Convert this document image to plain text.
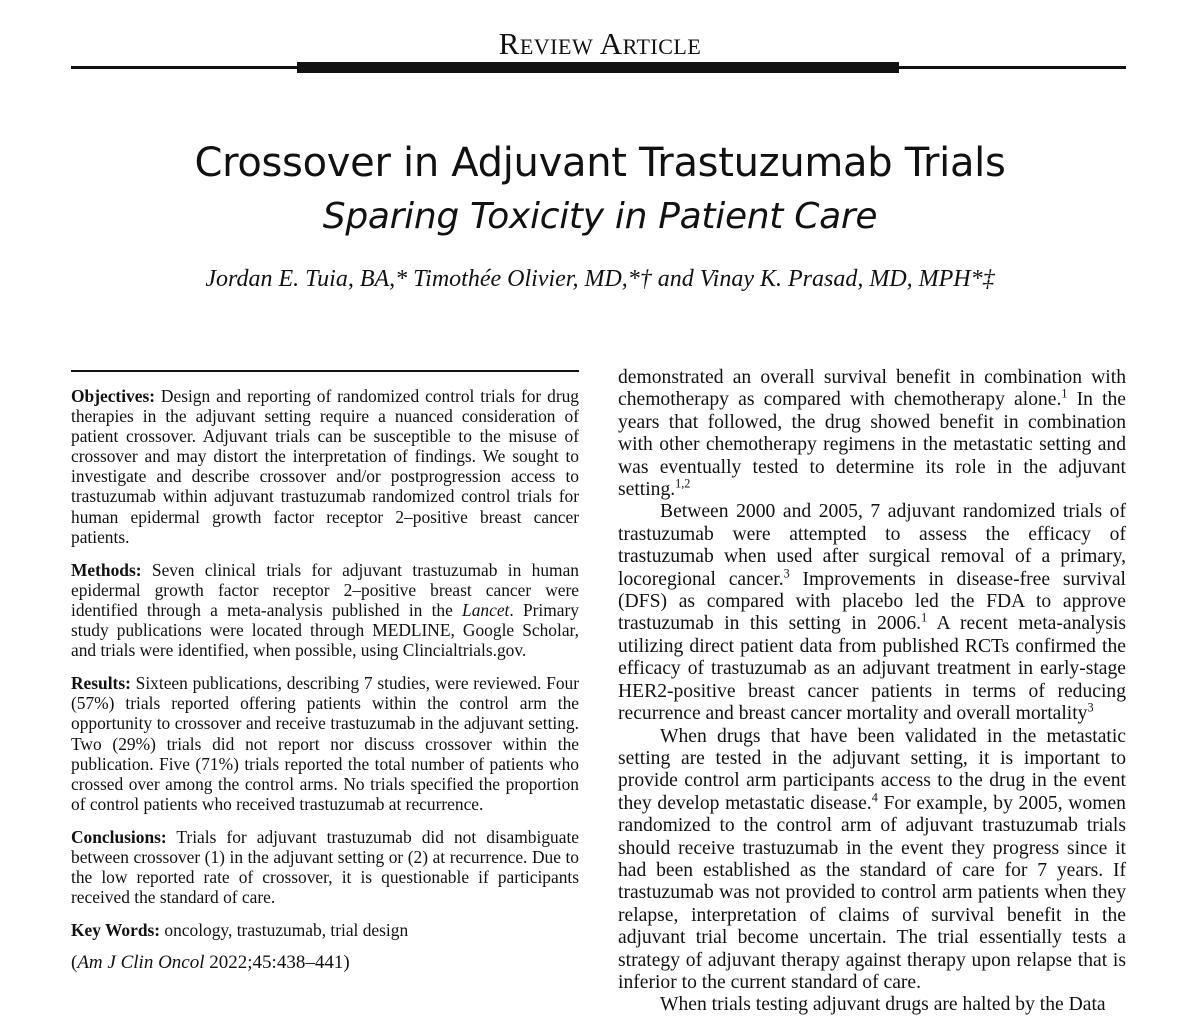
Review Article
Crossover in Adjuvant Trastuzumab Trials
Sparing Toxicity in Patient Care
Jordan E. Tuia, BA,* Timothée Olivier, MD,*† and Vinay K. Prasad, MD, MPH*‡

Objectives: Design and reporting of randomized control trials for drug therapies in the adjuvant setting require a nuanced consideration of patient crossover. Adjuvant trials can be susceptible to the misuse of crossover and may distort the interpretation of findings. We sought to investigate and describe crossover and/or postprogression access to trastuzumab within adjuvant trastuzumab randomized control trials for human epidermal growth factor receptor 2–positive breast cancer patients.

Methods: Seven clinical trials for adjuvant trastuzumab in human epidermal growth factor receptor 2–positive breast cancer were identified through a meta-analysis published in the Lancet. Primary study publications were located through MEDLINE, Google Scholar, and trials were identified, when possible, using Clincialtrials.gov.

Results: Sixteen publications, describing 7 studies, were reviewed. Four (57%) trials reported offering patients within the control arm the opportunity to crossover and receive trastuzumab in the adjuvant setting. Two (29%) trials did not report nor discuss crossover within the publication. Five (71%) trials reported the total number of patients who crossed over among the control arms. No trials specified the proportion of control patients who received trastuzumab at recurrence.

Conclusions: Trials for adjuvant trastuzumab did not disambiguate between crossover (1) in the adjuvant setting or (2) at recurrence. Due to the low reported rate of crossover, it is questionable if participants received the standard of care.

Key Words: oncology, trastuzumab, trial design

(Am J Clin Oncol 2022;45:438–441)

demonstrated an overall survival benefit in combination with chemotherapy as compared with chemotherapy alone.$^1$ In the years that followed, the drug showed benefit in combination with other chemotherapy regimens in the metastatic setting and was eventually tested to determine its role in the adjuvant setting.$^{1,2}$

Between 2000 and 2005, 7 adjuvant randomized trials of trastuzumab were attempted to assess the efficacy of trastuzumab when used after surgical removal of a primary, locoregional cancer.$^3$ Improvements in disease-free survival (DFS) as compared with placebo led the FDA to approve trastuzumab in this setting in 2006.$^1$ A recent meta-analysis utilizing direct patient data from published RCTs confirmed the efficacy of trastuzumab as an adjuvant treatment in early-stage HER2-positive breast cancer patients in terms of reducing recurrence and breast cancer mortality and overall mortality$^3$

When drugs that have been validated in the metastatic setting are tested in the adjuvant setting, it is important to provide control arm participants access to the drug in the event they develop metastatic disease.$^4$ For example, by 2005, women randomized to the control arm of adjuvant trastuzumab trials should receive trastuzumab in the event they progress since it had been established as the standard of care for 7 years. If trastuzumab was not provided to control arm patients when they relapse, interpretation of claims of survival benefit in the adjuvant trial become uncertain. The trial essentially tests a strategy of adjuvant therapy against therapy upon relapse that is inferior to the current standard of care.

When trials testing adjuvant drugs are halted by the Data
